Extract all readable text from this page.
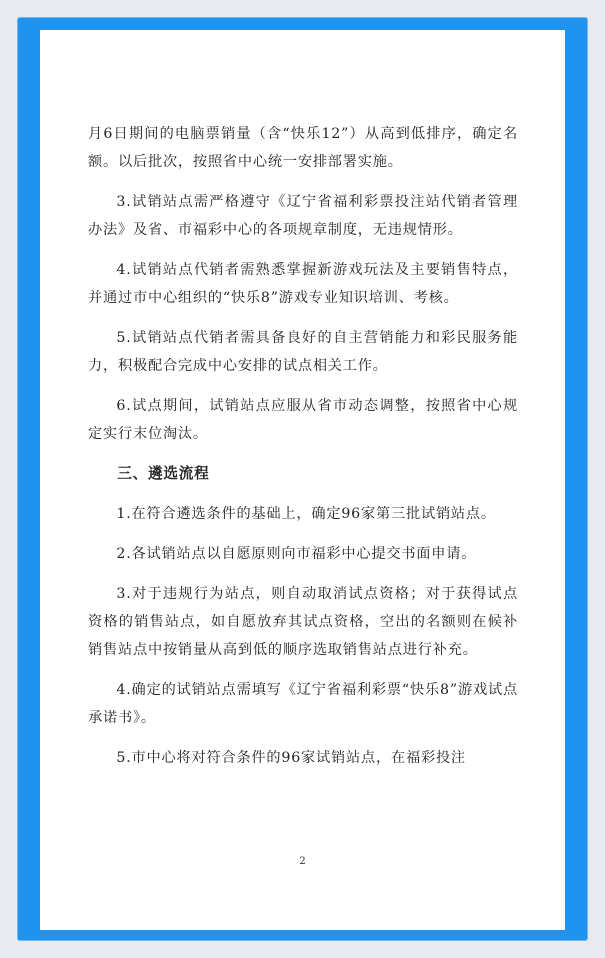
月6日期间的电脑票销量（含“快乐12”）从高到低排序，确定名额。以后批次，按照省中心统一安排部署实施。

3.试销站点需严格遵守《辽宁省福利彩票投注站代销者管理办法》及省、市福彩中心的各项规章制度，无违规情形。

4.试销站点代销者需熟悉掌握新游戏玩法及主要销售特点，并通过市中心组织的“快乐8”游戏专业知识培训、考核。

5.试销站点代销者需具备良好的自主营销能力和彩民服务能力，积极配合完成中心安排的试点相关工作。

6.试点期间，试销站点应服从省市动态调整，按照省中心规定实行末位淘汰。

三、遴选流程

1.在符合遴选条件的基础上，确定96家第三批试销站点。

2.各试销站点以自愿原则向市福彩中心提交书面申请。

3.对于违规行为站点，则自动取消试点资格；对于获得试点资格的销售站点，如自愿放弃其试点资格，空出的名额则在候补销售站点中按销量从高到低的顺序选取销售站点进行补充。

4.确定的试销站点需填写《辽宁省福利彩票“快乐8”游戏试点承诺书》。

5.市中心将对符合条件的96家试销站点，在福彩投注

2
